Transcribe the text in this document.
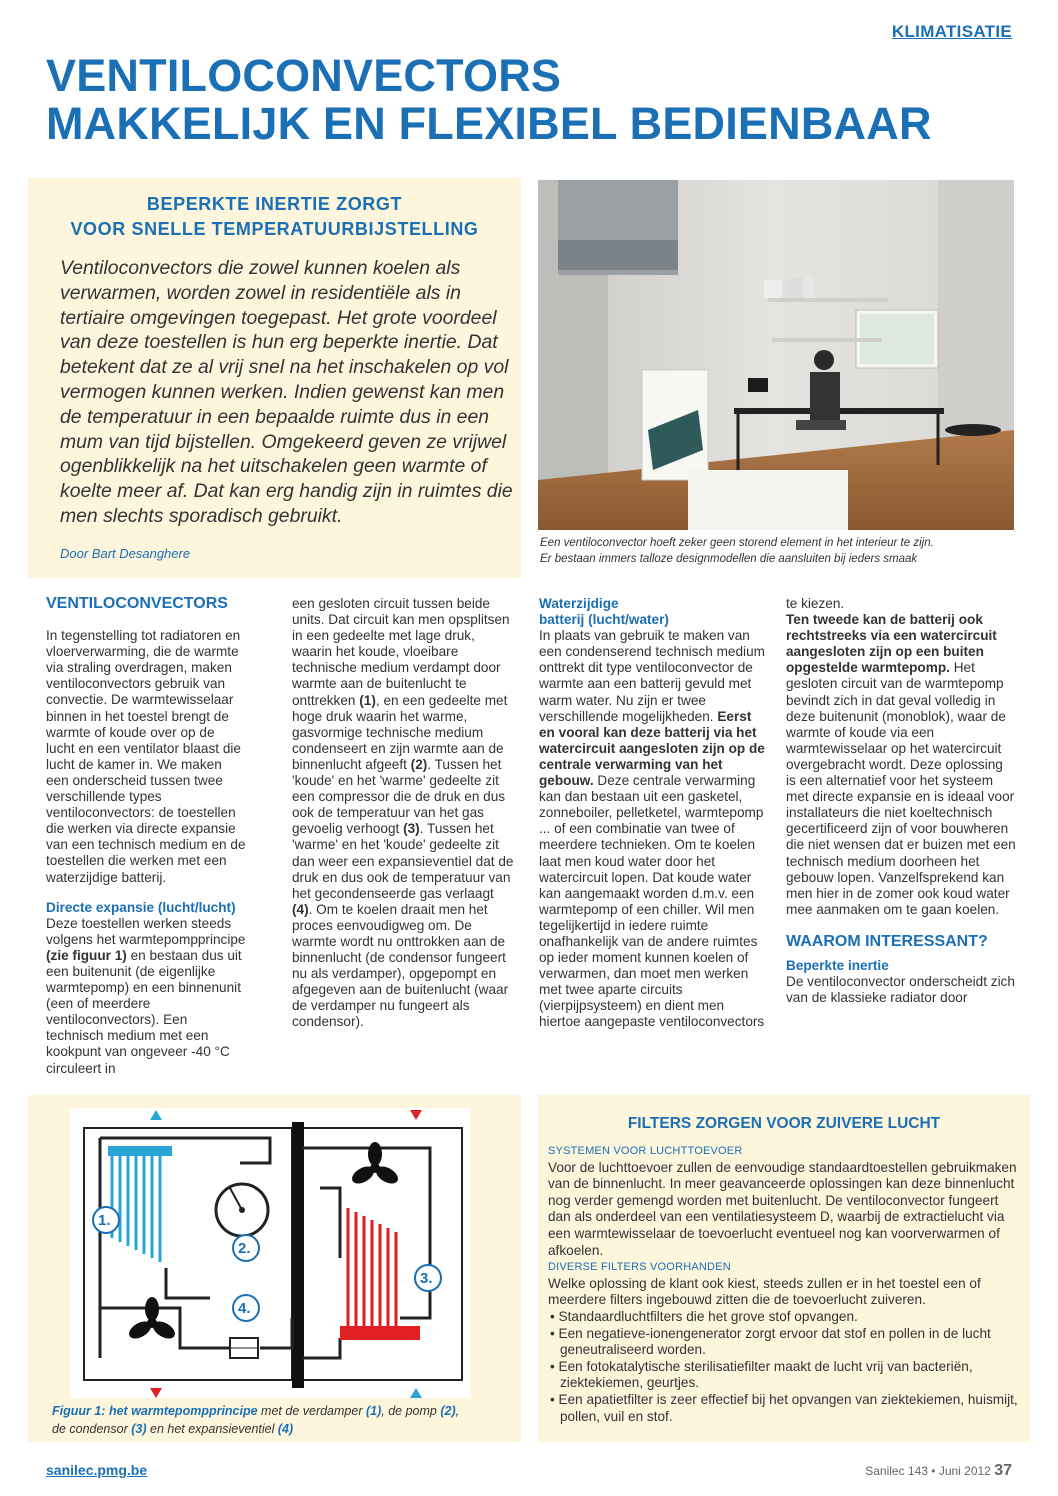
KLIMATISATIE
VENTILOCONVECTORS
MAKKELIJK EN FLEXIBEL BEDIENBAAR
BEPERKTE INERTIE ZORGT
VOOR SNELLE TEMPERATUURBIJSTELLING
Ventiloconvectors die zowel kunnen koelen als verwarmen, worden zowel in residentiële als in tertiaire omgevingen toegepast. Het grote voordeel van deze toestellen is hun erg beperkte inertie. Dat betekent dat ze al vrij snel na het inschakelen op vol vermogen kunnen werken. Indien gewenst kan men de temperatuur in een bepaalde ruimte dus in een mum van tijd bijstellen. Omgekeerd geven ze vrijwel ogenblikkelijk na het uitschakelen geen warmte of koelte meer af. Dat kan erg handig zijn in ruimtes die men slechts sporadisch gebruikt.
Door Bart Desanghere
Een ventiloconvector hoeft zeker geen storend element in het interieur te zijn.
Er bestaan immers talloze designmodellen die aansluiten bij ieders smaak
VENTILOCONVECTORS

In tegenstelling tot radiatoren en vloerverwarming, die de warmte via straling overdragen, maken ventiloconvectors gebruik van convectie. De warmtewisselaar binnen in het toestel brengt de warmte of koude over op de lucht en een ventilator blaast die lucht de kamer in. We maken een onderscheid tussen twee verschillende types ventiloconvectors: de toestellen die werken via directe expansie van een technisch medium en de toestellen die werken met een waterzijdige batterij.

Directe expansie (lucht/lucht)

Deze toestellen werken steeds volgens het warmtepompprincipe (zie figuur 1) en bestaan dus uit een buitenunit (de eigenlijke warmtepomp) en een binnenunit (een of meerdere ventiloconvectors). Een technisch medium met een kookpunt van ongeveer -40 °C circuleert in

een gesloten circuit tussen beide units. Dat circuit kan men opsplitsen in een gedeelte met lage druk, waarin het koude, vloeibare technische medium verdampt door warmte aan de buitenlucht te onttrekken (1), en een gedeelte met hoge druk waarin het warme, gasvormige technische medium condenseert en zijn warmte aan de binnenlucht afgeeft (2). Tussen het 'koude' en het 'warme' gedeelte zit een compressor die de druk en dus ook de temperatuur van het gas gevoelig verhoogt (3). Tussen het 'warme' en het 'koude' gedeelte zit dan weer een expansieventiel dat de druk en dus ook de temperatuur van het gecondenseerde gas verlaagt (4). Om te koelen draait men het proces eenvoudigweg om. De warmte wordt nu onttrokken aan de binnenlucht (de condensor fungeert nu als verdamper), opgepompt en afgegeven aan de buitenlucht (waar de verdamper nu fungeert als condensor).

Waterzijdige
batterij (lucht/water)

In plaats van gebruik te maken van een condenserend technisch medium onttrekt dit type ventiloconvector de warmte aan een batterij gevuld met warm water. Nu zijn er twee verschillende mogelijkheden. Eerst en vooral kan deze batterij via het watercircuit aangesloten zijn op de centrale verwarming van het gebouw. Deze centrale verwarming kan dan bestaan uit een gasketel, zonneboiler, pelletketel, warmtepomp ... of een combinatie van twee of meerdere technieken. Om te koelen laat men koud water door het watercircuit lopen. Dat koude water kan aangemaakt worden d.m.v. een warmtepomp of een chiller. Wil men tegelijkertijd in iedere ruimte onafhankelijk van de andere ruimtes op ieder moment kunnen koelen of verwarmen, dan moet men werken met twee aparte circuits (vierpijpsysteem) en dient men hiertoe aangepaste ventiloconvectors

te kiezen.
Ten tweede kan de batterij ook rechtstreeks via een watercircuit aangesloten zijn op een buiten opgestelde warmtepomp. Het gesloten circuit van de warmtepomp bevindt zich in dat geval volledig in deze buitenunit (monoblok), waar de warmte of koude via een warmtewisselaar op het watercircuit overgebracht wordt. Deze oplossing is een alternatief voor het systeem met directe expansie en is ideaal voor installateurs die niet koeltechnisch gecertificeerd zijn of voor bouwheren die niet wensen dat er buizen met een technisch medium doorheen het gebouw lopen. Vanzelfsprekend kan men hier in de zomer ook koud water mee aanmaken om te gaan koelen.

WAAROM INTERESSANT?
Beperkte inertie

De ventiloconvector onderscheidt zich van de klassieke radiator door

1.
2.
3.
4.
Figuur 1: het warmtepompprincipe met de verdamper (1), de pomp (2),
de condensor (3) en het expansieventiel (4)
FILTERS ZORGEN VOOR ZUIVERE LUCHT
SYSTEMEN VOOR LUCHTTOEVOER

Voor de luchttoevoer zullen de eenvoudige standaardtoestellen gebruikmaken van de binnenlucht. In meer geavanceerde oplossingen kan deze binnenlucht nog verder gemengd worden met buitenlucht. De ventiloconvector fungeert dan als onderdeel van een ventilatiesysteem D, waarbij de extractielucht via een warmtewisselaar de toevoerlucht eventueel nog kan voorverwarmen of afkoelen.

DIVERSE FILTERS VOORHANDEN

Welke oplossing de klant ook kiest, steeds zullen er in het toestel een of meerdere filters ingebouwd zitten die de toevoerlucht zuiveren.

• Standaardluchtfilters die het grove stof opvangen.

• Een negatieve-ionengenerator zorgt ervoor dat stof en pollen in de lucht geneutraliseerd worden.

• Een fotokatalytische sterilisatiefilter maakt de lucht vrij van bacteriën, ziektekiemen, geurtjes.

• Een apatietfilter is zeer effectief bij het opvangen van ziektekiemen, huismijt, pollen, vuil en stof.

sanilec.pmg.be	Sanilec 143 • Juni 2012 37
